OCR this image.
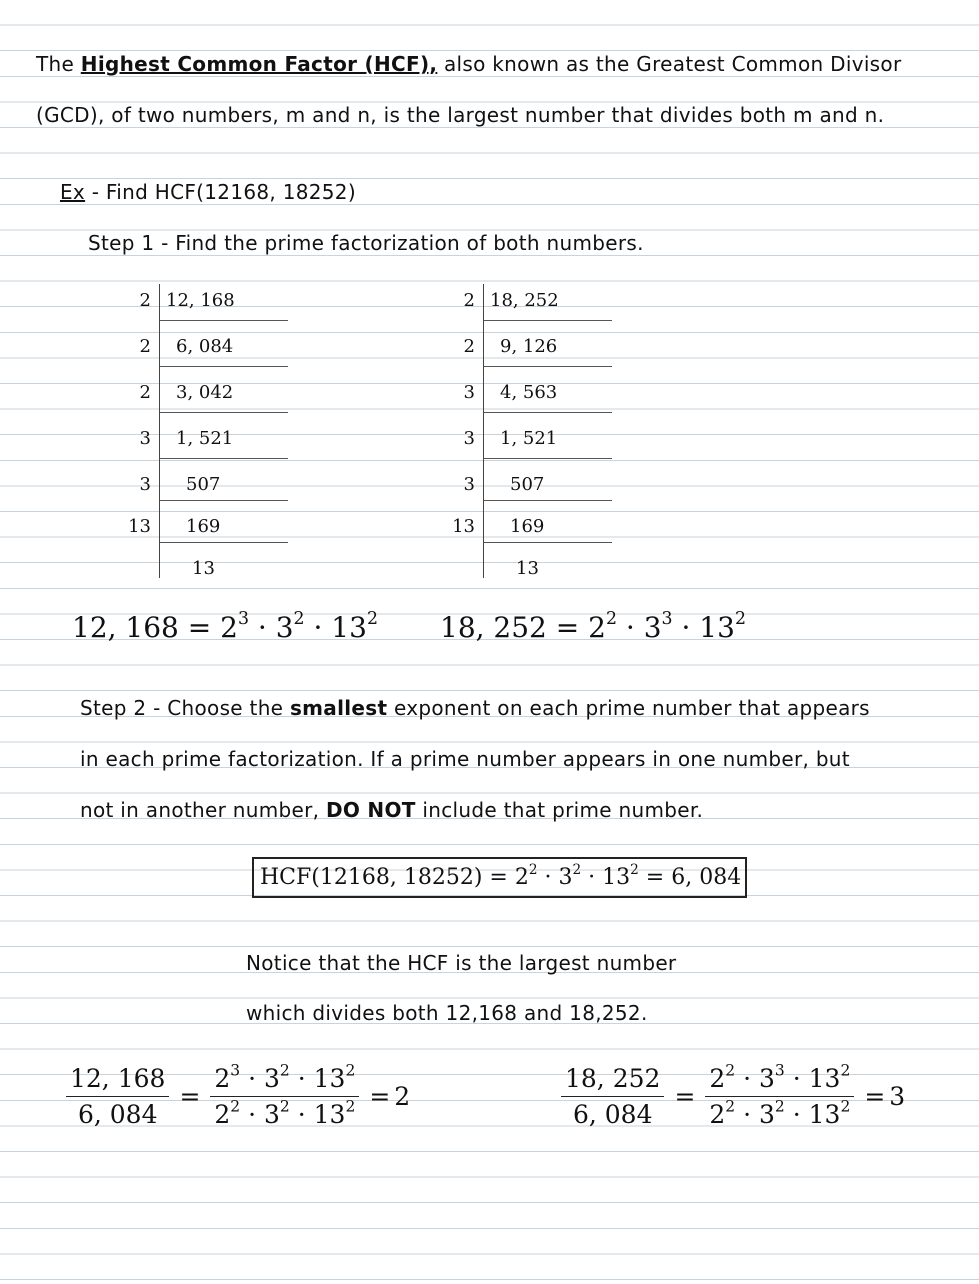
The Highest Common Factor (HCF), also known as the Greatest Common Divisor
(GCD), of two numbers, m and n, is the largest number that divides both m and n.
Ex - Find HCF(12168, 18252)
Step 1 - Find the prime factorization of both numbers.
2 12, 168
2 6, 084
2 3, 042
3 1, 521
3 507
13 169
13
2 18, 252
2 9, 126
3 4, 563
3 1, 521
3 507
13 169
13
12, $168 = 2^3 \cdot 3^2 \cdot 13^2$ 18, $252 = 2^2 \cdot 3^3 \cdot 13^2$
Step 2 - Choose the smallest exponent on each prime number that appears
in each prime factorization. If a prime number appears in one number, but
not in another number, DO NOT include that prime number.
HCF(12168, $18252) = 2^2 \cdot 3^2 \cdot 13^2 = 6$, 084
Notice that the HCF is the largest number
which divides both 12,168 and 18,252.
$\frac{12, 168}{6, 084} = \frac{2^3 \cdot 3^2 \cdot 13^2}{2^2 \cdot 3^2 \cdot 13^2} = 2$	$\frac{18, 252}{6, 084} = \frac{2^2 \cdot 3^3 \cdot 13^2}{2^2 \cdot 3^2 \cdot 13^2} = 3$
